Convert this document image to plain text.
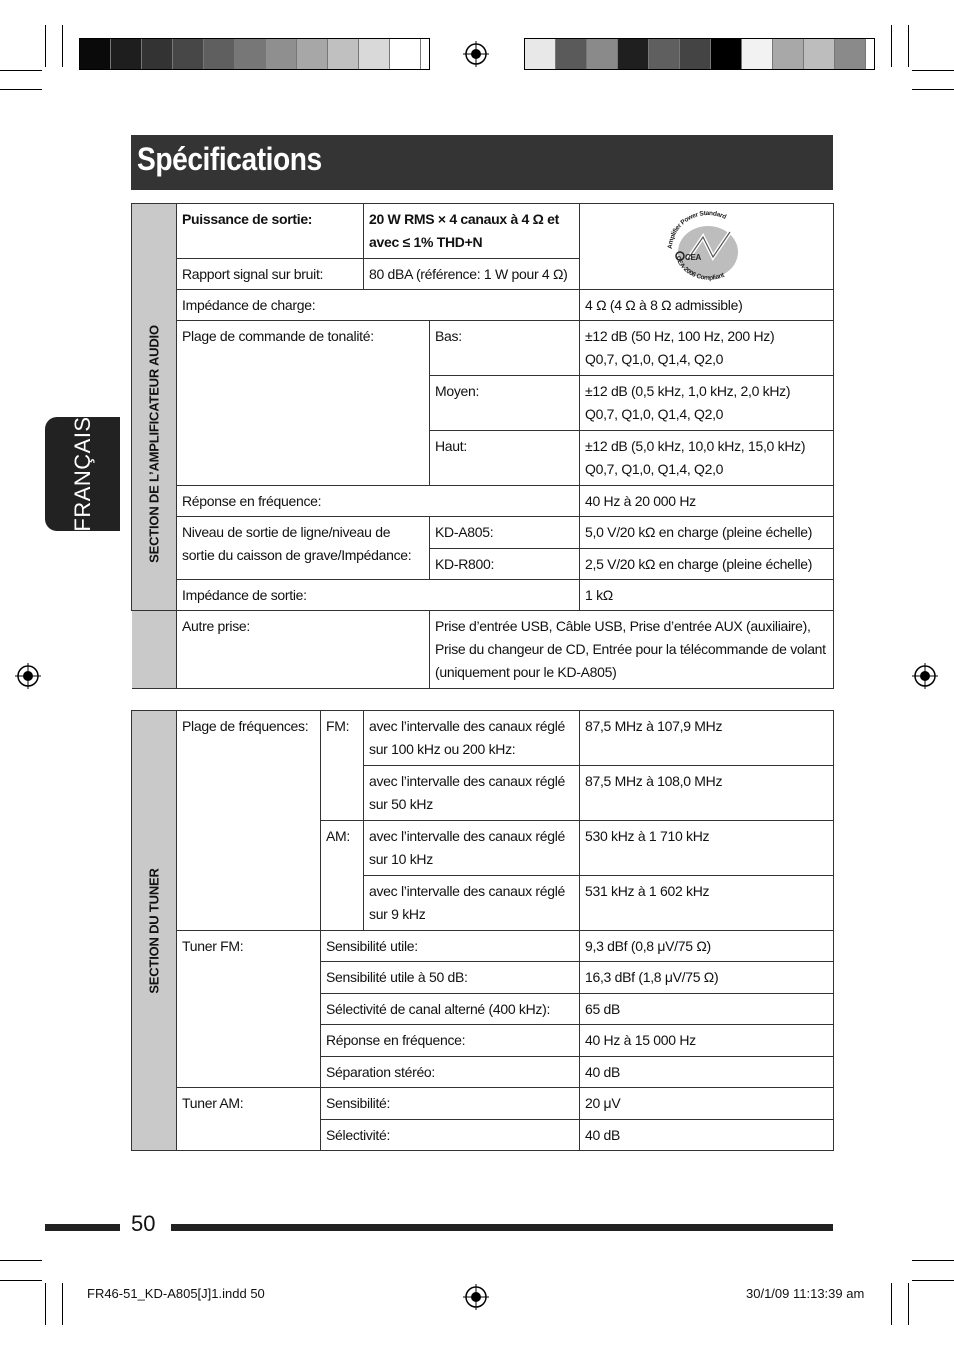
Spécifications
FRANÇAIS	SECTION DE L’AMPLIFICATEUR AUDIO	Puissance de sortie:	20 W RMS × 4 canaux à 4 Ω et avec ≤ 1% THD+N		CEA
Amplifier Power Standard
CEA-2006 Compliant

	Rapport signal sur bruit:	80 dBA (référence: 1 W pour 4 Ω)		
	Impédance de charge:			4 Ω (4 Ω à 8 Ω admissible)
	Plage de commande de tonalité:		Bas:	±12 dB (50 Hz, 100 Hz, 200 Hz)
Q0,7, Q1,0, Q1,4, Q2,0

			Moyen:	±12 dB (0,5 kHz, 1,0 kHz, 2,0 kHz)
Q0,7, Q1,0, Q1,4, Q2,0

			Haut:	±12 dB (5,0 kHz, 10,0 kHz, 15,0 kHz)
Q0,7, Q1,0, Q1,4, Q2,0

	Réponse en fréquence:			40 Hz à 20 000 Hz
	Niveau de sortie de ligne/niveau de sortie du caisson de grave/Impédance:		KD-A805:	5,0 V/20 kΩ en charge (pleine échelle)
			KD-R800:	2,5 V/20 kΩ en charge (pleine échelle)
	Impédance de sortie:			1 kΩ
	Autre prise:		Prise d’entrée USB, Câble USB, Prise d’entrée AUX (auxiliaire), Prise du changeur de CD, Entrée pour la télécommande de volant (uniquement pour le KD-A805)	
SECTION DU TUNER	Plage de fréquences:	FM:	avec l’intervalle des canaux réglé sur 100 kHz ou 200 kHz:	87,5 MHz à 107,9 MHz
			avec l’intervalle des canaux réglé sur 50 kHz	87,5 MHz à 108,0 MHz
		AM:	avec l’intervalle des canaux réglé sur 10 kHz	530 kHz à 1 710 kHz
			avec l’intervalle des canaux réglé sur 9 kHz	531 kHz à 1 602 kHz
	Tuner FM:	Sensibilité utile:		9,3 dBf (0,8 μV/75 Ω)
		Sensibilité utile à 50 dB:		16,3 dBf (1,8 μV/75 Ω)
		Sélectivité de canal alterné (400 kHz):		65 dB
		Réponse en fréquence:		40 Hz à 15 000 Hz
		Séparation stéréo:		40 dB
	Tuner AM:	Sensibilité:		20 μV
		Sélectivité:		40 dB
50
FR46-51_KD-A805[J]1.indd 50	30/1/09 11:13:39 am
